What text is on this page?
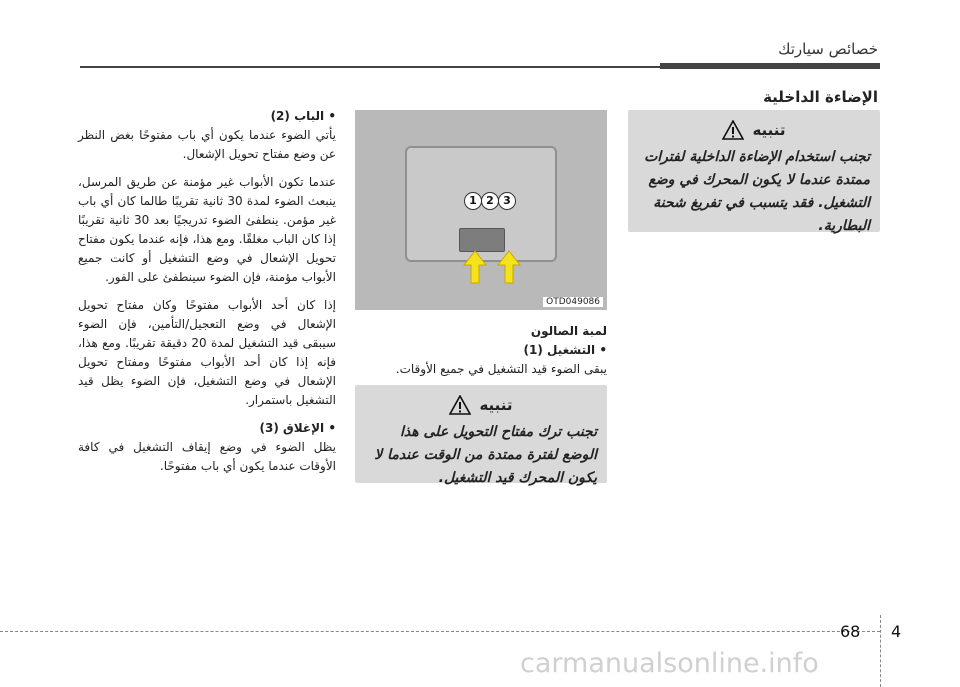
خصائص سيارتك
الإضاءة الداخلية
تنبيه
تجنب استخدام الإضاءة الداخلية لفترات ممتدة عندما لا يكون المحرك في وضع التشغيل. فقد يتسبب في تفريغ شحنة البطارية.
1 2 3
OTD049086

لمبة الصالون

• التشغيل (1)

يبقى الضوء قيد التشغيل في جميع الأوقات.

تنبيه
تجنب ترك مفتاح التحويل على هذا الوضع لفترة ممتدة من الوقت عندما لا يكون المحرك قيد التشغيل.

• الباب (2)

يأتي الضوء عندما يكون أي باب مفتوحًا بغض النظر عن وضع مفتاح تحويل الإشعال.

عندما تكون الأبواب غير مؤمنة عن طريق المرسل، ينبعث الضوء لمدة 30 ثانية تقريبًا طالما كان أي باب غير مؤمن. ينطفئ الضوء تدريجيًا بعد 30 ثانية تقريبًا إذا كان الباب مغلقًا. ومع هذا، فإنه عندما يكون مفتاح تحويل الإشعال في وضع التشغيل أو كانت جميع الأبواب مؤمنة، فإن الضوء سينطفئ على الفور.

إذا كان أحد الأبواب مفتوحًا وكان مفتاح تحويل الإشعال في وضع التعجيل/التأمين، فإن الضوء سيبقى قيد التشغيل لمدة 20 دقيقة تقريبًا. ومع هذا، فإنه إذا كان أحد الأبواب مفتوحًا ومفتاح تحويل الإشعال في وضع التشغيل، فإن الضوء يظل قيد التشغيل باستمرار.

• الإغلاق (3)

يظل الضوء في وضع إيقاف التشغيل في كافة الأوقات عندما يكون أي باب مفتوحًا.

68 4
carmanualsonline.info
